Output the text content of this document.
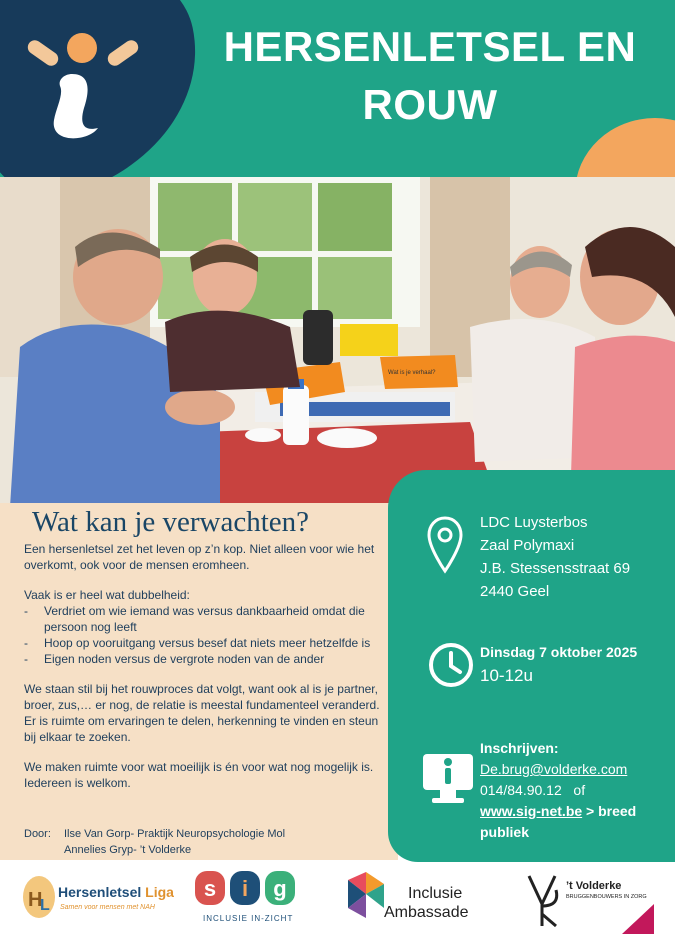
HERSENLETSEL EN
ROUW
Wat is je verhaal?
Wat kan je verwachten?

Een hersenletsel zet het leven op z’n kop. Niet alleen voor wie het overkomt, ook voor de mensen eromheen.

Vaak is er heel wat dubbelheid:

- Verdriet om wie iemand was versus dankbaarheid omdat die persoon nog leeft
- Hoop op vooruitgang versus besef dat niets meer hetzelfde is
- Eigen noden versus de vergrote noden van de ander

We staan stil bij het rouwproces dat volgt, want ook al is je partner, broer, zus,… er nog, de relatie is meestal fundamenteel veranderd.

Er is ruimte om ervaringen te delen, herkenning te vinden en steun bij elkaar te zoeken.

We maken ruimte voor wat moeilijk is én voor wat nog mogelijk is. Iedereen is welkom.

Door: Ilse Van Gorp- Praktijk Neuropsychologie Mol
Annelies Gryp- ’t Volderke
LDC Luysterbos
Zaal Polymaxi
J.B. Stessensstraat 69
2440 Geel
Dinsdag 7 oktober 2025
10-12u
Inschrijven:
De.brug@volderke.com
014/84.90.12 of
www.sig-net.be > breed publiek
H
L
Hersenletsel Liga
Samen voor mensen met NAH
s i g
INCLUSIE IN-ZICHT
Inclusie
Ambassade
’t Volderke
BRUGGENBOUWERS IN ZORG
